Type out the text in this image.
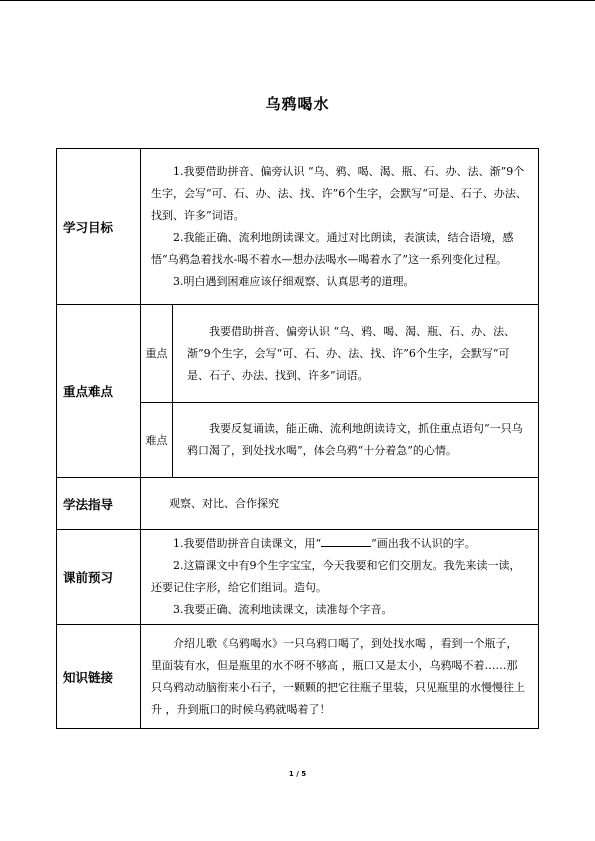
乌鸦喝水
学习目标	1.我要借助拼音、偏旁认识 “乌、鸦、喝、渴、瓶、石、办、法、渐”9个生字，会写“可、石、办、法、找、许”6个生字，会默写“可是、石子、办法、找到、许多”词语。

2.我能正确、流利地朗读课文。通过对比朗读，表演读，结合语境，感悟“乌鸦急着找水-喝不着水—想办法喝水—喝着水了”这一系列变化过程。

3.明白遇到困难应该仔细观察、认真思考的道理。	

重点难点	重点	我要借助拼音、偏旁认识 “乌、鸦、喝、渴、瓶、石、办、法、渐”9个生字，会写“可、石、办、法、找、许”6个生字，会默写“可是、石子、办法、找到、许多”词语。

	难点	我要反复诵读，能正确、流利地朗读诗文，抓住重点语句“一只乌鸦口渴了，到处找水喝”，体会乌鸦“十分着急”的心情。

学法指导	观察、对比、合作探究	

课前预习	1.我要借助拼音自读课文，用“ ”画出我不认识的字。

2.这篇课文中有9个生字宝宝，今天我要和它们交朋友。我先来读一读，还要记住字形，给它们组词。造句。

3.我要正确、流利地读课文，读准每个字音。	

知识链接	介绍儿歌《乌鸦喝水》一只乌鸦口喝了，到处找水喝 ，看到一个瓶子，里面装有水，但是瓶里的水不呀不够高 ，瓶口又是太小，乌鸦喝不着……那只乌鸦动动脑衔来小石子，一颗颗的把它往瓶子里装，只见瓶里的水慢慢往上升 ，升到瓶口的时候乌鸦就喝着了！	

1 / 5
